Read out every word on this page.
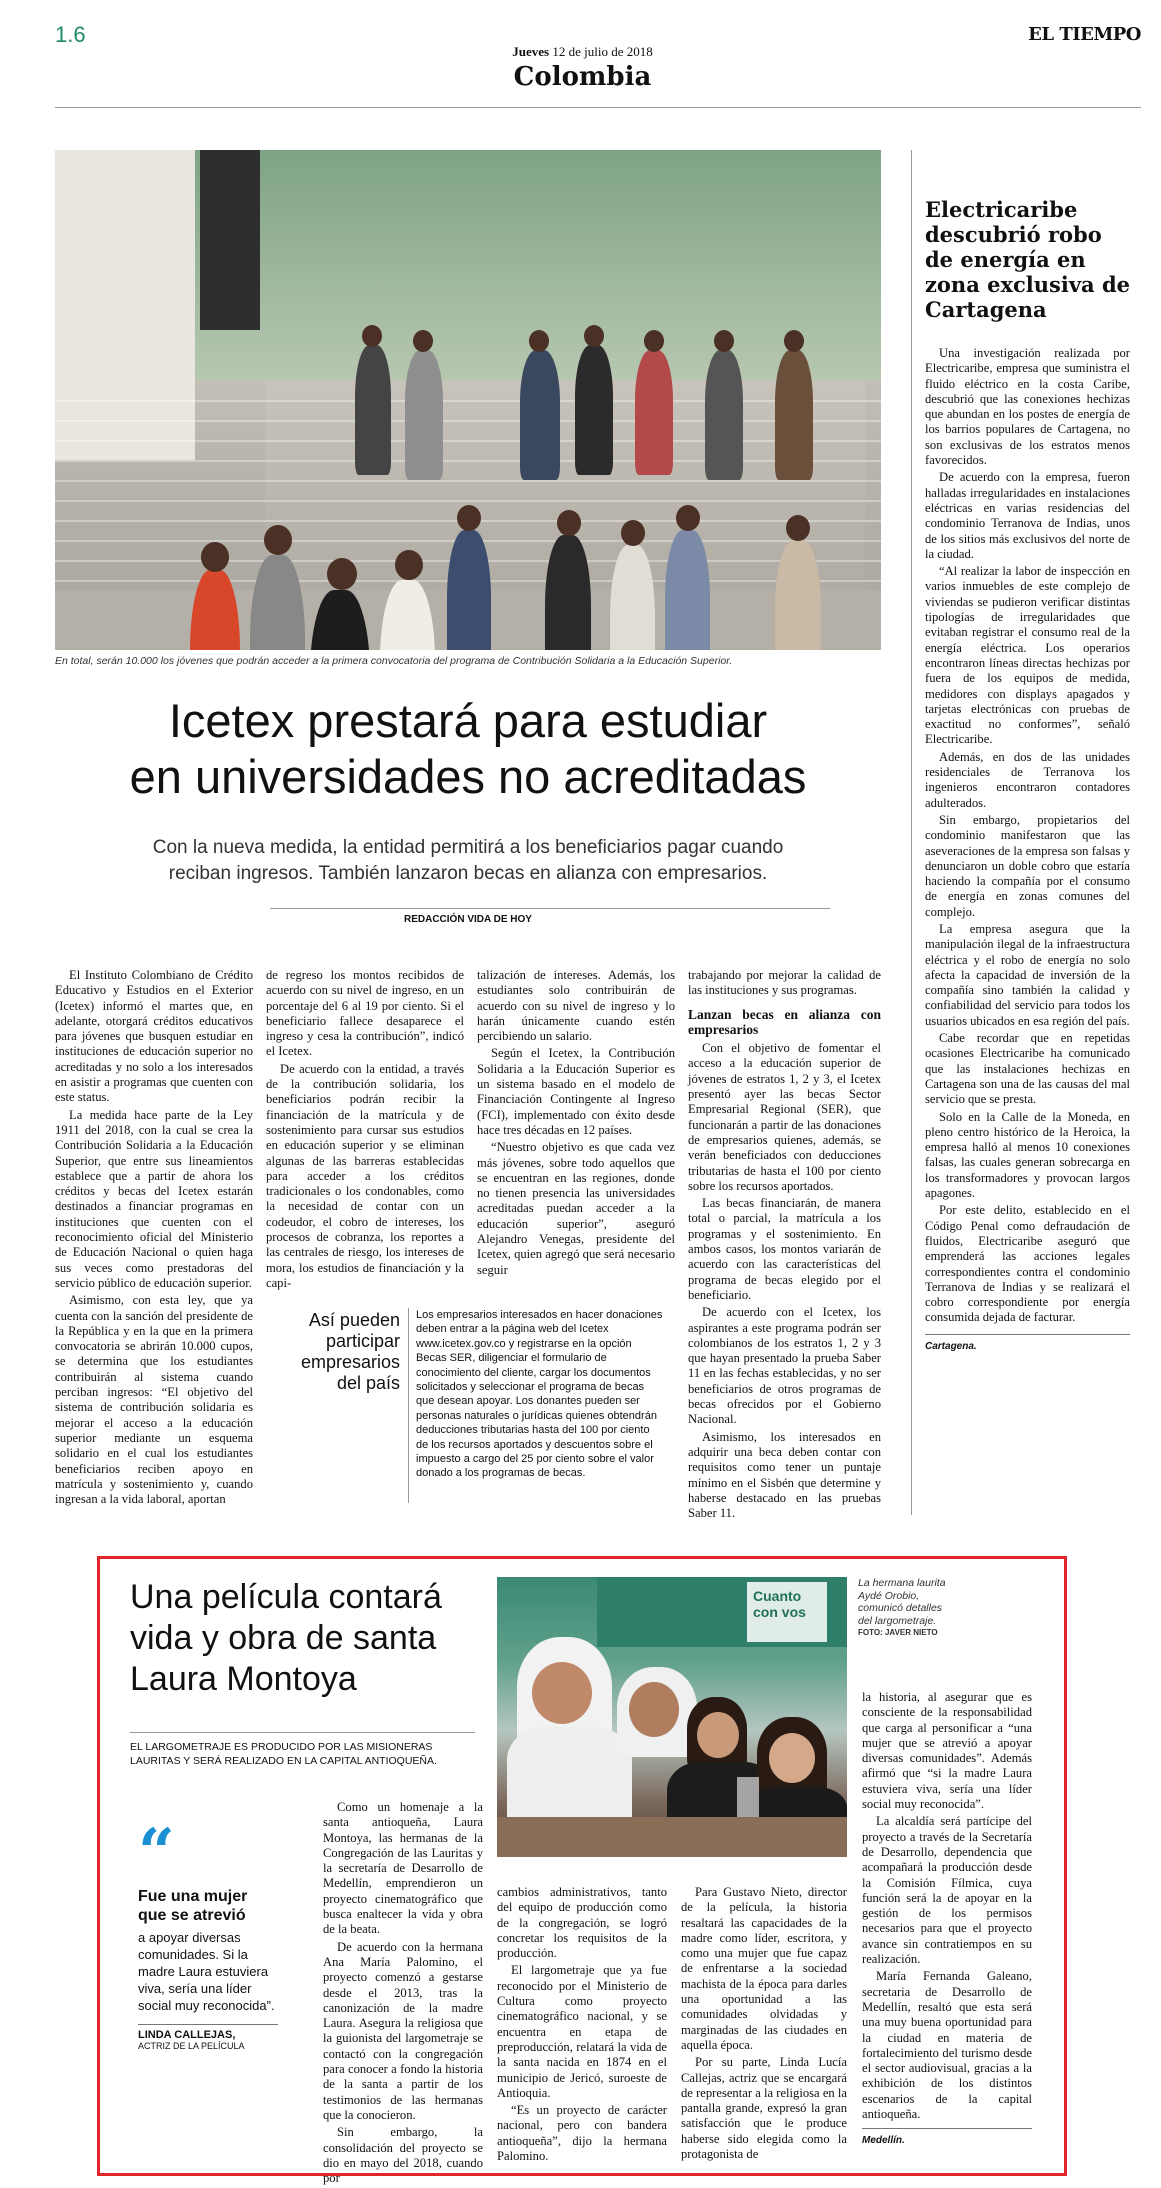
1.6
Jueves 12 de julio de 2018
Colombia
EL TIEMPO
En total, serán 10.000 los jóvenes que podrán acceder a la primera convocatoria del programa de Contribución Solidaria a la Educación Superior.
Icetex prestará para estudiar
en universidades no acreditadas
Con la nueva medida, la entidad permitirá a los beneficiarios pagar cuando
reciban ingresos. También lanzaron becas en alianza con empresarios.
REDACCIÓN VIDA DE HOY

El Instituto Colombiano de Crédito Educativo y Estudios en el Exterior (Icetex) informó el martes que, en adelante, otorgará créditos educativos para jóvenes que busquen estudiar en instituciones de educación superior no acreditadas y no solo a los interesados en asistir a programas que cuenten con este status.

La medida hace parte de la Ley 1911 del 2018, con la cual se crea la Contribución Solidaria a la Educación Superior, que entre sus lineamientos establece que a partir de ahora los créditos y becas del Icetex estarán destinados a financiar programas en instituciones que cuenten con el reconocimiento oficial del Ministerio de Educación Nacional o quien haga sus veces como prestadoras del servicio público de educación superior.

Asimismo, con esta ley, que ya cuenta con la sanción del presidente de la República y en la que en la primera convocatoria se abrirán 10.000 cupos, se determina que los estudiantes contribuirán al sistema cuando perciban ingresos: “El objetivo del sistema de contribución solidaria es mejorar el acceso a la educación superior mediante un esquema solidario en el cual los estudiantes beneficiarios reciben apoyo en matrícula y sostenimiento y, cuando ingresan a la vida laboral, aportan

de regreso los montos recibidos de acuerdo con su nivel de ingreso, en un porcentaje del 6 al 19 por ciento. Si el beneficiario fallece desaparece el ingreso y cesa la contribución”, indicó el Icetex.

De acuerdo con la entidad, a través de la contribución solidaria, los beneficiarios podrán recibir la financiación de la matrícula y de sostenimiento para cursar sus estudios en educación superior y se eliminan algunas de las barreras establecidas para acceder a los créditos tradicionales o los condonables, como la necesidad de contar con un codeudor, el cobro de intereses, los procesos de cobranza, los reportes a las centrales de riesgo, los intereses de mora, los estudios de financiación y la capi-

talización de intereses. Además, los estudiantes solo contribuirán de acuerdo con su nivel de ingreso y lo harán únicamente cuando estén percibiendo un salario.

Según el Icetex, la Contribución Solidaria a la Educación Superior es un sistema basado en el modelo de Financiación Contingente al Ingreso (FCI), implementado con éxito desde hace tres décadas en 12 países.

“Nuestro objetivo es que cada vez más jóvenes, sobre todo aquellos que se encuentran en las regiones, donde no tienen presencia las universidades acreditadas puedan acceder a la educación superior”, aseguró Alejandro Venegas, presidente del Icetex, quien agregó que será necesario seguir

trabajando por mejorar la calidad de las instituciones y sus programas.

Lanzan becas en alianza con empresarios

Con el objetivo de fomentar el acceso a la educación superior de jóvenes de estratos 1, 2 y 3, el Icetex presentó ayer las becas Sector Empresarial Regional (SER), que funcionarán a partir de las donaciones de empresarios quienes, además, se verán beneficiados con deducciones tributarias de hasta el 100 por ciento sobre los recursos aportados.

Las becas financiarán, de manera total o parcial, la matrícula a los programas y el sostenimiento. En ambos casos, los montos variarán de acuerdo con las características del programa de becas elegido por el beneficiario.

De acuerdo con el Icetex, los aspirantes a este programa podrán ser colombianos de los estratos 1, 2 y 3 que hayan presentado la prueba Saber 11 en las fechas establecidas, y no ser beneficiarios de otros programas de becas ofrecidos por el Gobierno Nacional.

Asimismo, los interesados en adquirir una beca deben contar con requisitos como tener un puntaje mínimo en el Sisbén que determine y haberse destacado en las pruebas Saber 11.

Así pueden participar empresarios del país
Los empresarios interesados en hacer donaciones deben entrar a la página web del Icetex www.icetex.gov.co y registrarse en la opción Becas SER, diligenciar el formulario de conocimiento del cliente, cargar los documentos solicitados y seleccionar el programa de becas que desean apoyar. Los donantes pueden ser personas naturales o jurídicas quienes obtendrán deducciones tributarias hasta del 100 por ciento de los recursos aportados y descuentos sobre el impuesto a cargo del 25 por ciento sobre el valor donado a los programas de becas.
Electricaribe descubrió robo de energía en zona exclusiva de Cartagena

Una investigación realizada por Electricaribe, empresa que suministra el fluido eléctrico en la costa Caribe, descubrió que las conexiones hechizas que abundan en los postes de energía de los barrios populares de Cartagena, no son exclusivas de los estratos menos favorecidos.

De acuerdo con la empresa, fueron halladas irregularidades en instalaciones eléctricas en varias residencias del condominio Terranova de Indias, unos de los sitios más exclusivos del norte de la ciudad.

“Al realizar la labor de inspección en varios inmuebles de este complejo de viviendas se pudieron verificar distintas tipologías de irregularidades que evitaban registrar el consumo real de la energía eléctrica. Los operarios encontraron líneas directas hechizas por fuera de los equipos de medida, medidores con displays apagados y tarjetas electrónicas con pruebas de exactitud no conformes”, señaló Electricaribe.

Además, en dos de las unidades residenciales de Terranova los ingenieros encontraron contadores adulterados.

Sin embargo, propietarios del condominio manifestaron que las aseveraciones de la empresa son falsas y denunciaron un doble cobro que estaría haciendo la compañía por el consumo de energía en zonas comunes del complejo.

La empresa asegura que la manipulación ilegal de la infraestructura eléctrica y el robo de energía no solo afecta la capacidad de inversión de la compañía sino también la calidad y confiabilidad del servicio para todos los usuarios ubicados en esa región del país.

Cabe recordar que en repetidas ocasiones Electricaribe ha comunicado que las instalaciones hechizas en Cartagena son una de las causas del mal servicio que se presta.

Solo en la Calle de la Moneda, en pleno centro histórico de la Heroica, la empresa halló al menos 10 conexiones falsas, las cuales generan sobrecarga en los transformadores y provocan largos apagones.

Por este delito, establecido en el Código Penal como defraudación de fluidos, Electricaribe aseguró que emprenderá las acciones legales correspondientes contra el condominio Terranova de Indias y se realizará el cobro correspondiente por energía consumida dejada de facturar.

Cartagena.
Una película contará
vida y obra de santa
Laura Montoya
EL LARGOMETRAJE ES PRODUCIDO POR LAS MISIONERAS LAURITAS Y SERÁ REALIZADO EN LA CAPITAL ANTIOQUEÑA.
Cuanto
con vos
La hermana laurita
Aydé Orobio,
comunicó detalles
del largometraje.
FOTO: JAVER NIETO
“
Fue una mujer que se atrevió
a apoyar diversas comunidades. Si la madre Laura estuviera viva, sería una líder social muy reconocida”.
LINDA CALLEJAS,
ACTRIZ DE LA PELÍCULA

Como un homenaje a la santa antioqueña, Laura Montoya, las hermanas de la Congregación de las Lauritas y la secretaría de Desarrollo de Medellín, emprendieron un proyecto cinematográfico que busca enaltecer la vida y obra de la beata.

De acuerdo con la hermana Ana María Palomino, el proyecto comenzó a gestarse desde el 2013, tras la canonización de la madre Laura. Asegura la religiosa que la guionista del largometraje se contactó con la congregación para conocer a fondo la historia de la santa a partir de los testimonios de las hermanas que la conocieron.

Sin embargo, la consolidación del proyecto se dio en mayo del 2018, cuando por

cambios administrativos, tanto del equipo de producción como de la congregación, se logró concretar los requisitos de la producción.

El largometraje que ya fue reconocido por el Ministerio de Cultura como proyecto cinematográfico nacional, y se encuentra en etapa de preproducción, relatará la vida de la santa nacida en 1874 en el municipio de Jericó, suroeste de Antioquia.

“Es un proyecto de carácter nacional, pero con bandera antioqueña”, dijo la hermana Palomino.

Para Gustavo Nieto, director de la película, la historia resaltará las capacidades de la madre como líder, escritora, y como una mujer que fue capaz de enfrentarse a la sociedad machista de la época para darles una oportunidad a las comunidades olvidadas y marginadas de las ciudades en aquella época.

Por su parte, Linda Lucía Callejas, actriz que se encargará de representar a la religiosa en la pantalla grande, expresó la gran satisfacción que le produce haberse sido elegida como la protagonista de

la historia, al asegurar que es consciente de la responsabilidad que carga al personificar a “una mujer que se atrevió a apoyar diversas comunidades”. Además afirmó que “si la madre Laura estuviera viva, sería una líder social muy reconocida”.

La alcaldía será partícipe del proyecto a través de la Secretaría de Desarrollo, dependencia que acompañará la producción desde la Comisión Fílmica, cuya función será la de apoyar en la gestión de los permisos necesarios para que el proyecto avance sin contratiempos en su realización.

María Fernanda Galeano, secretaria de Desarrollo de Medellín, resaltó que esta será una muy buena oportunidad para la ciudad en materia de fortalecimiento del turismo desde el sector audiovisual, gracias a la exhibición de los distintos escenarios de la capital antioqueña.

Medellín.
